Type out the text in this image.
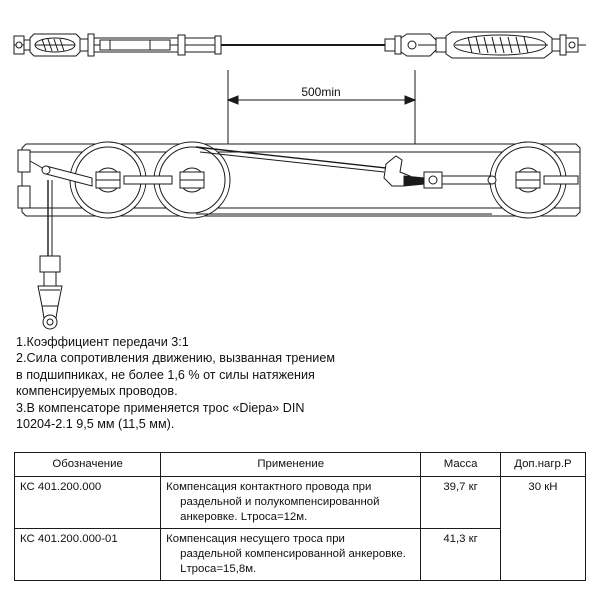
500min
1.Коэффициент передачи 3:1
2.Сила сопротивления движению, вызванная трением
в подшипниках, не более 1,6 % от силы натяжения
компенсируемых проводов.
3.В компенсаторе применяется трос «Diepa» DIN
10204-2.1 9,5 мм (11,5 мм).
Обозначение	Применение	Масса	Доп.нагр.Р
КС 401.200.000	Компенсация контактного провода при
раздельной и полукомпенсированной
анкеровке. Lтроса=12м.	39,7 кг	30 кН
КС 401.200.000-01	Компенсация несущего троса при
раздельной компенсированной анкеровке.
Lтроса=15,8м.	41,3 кг	
